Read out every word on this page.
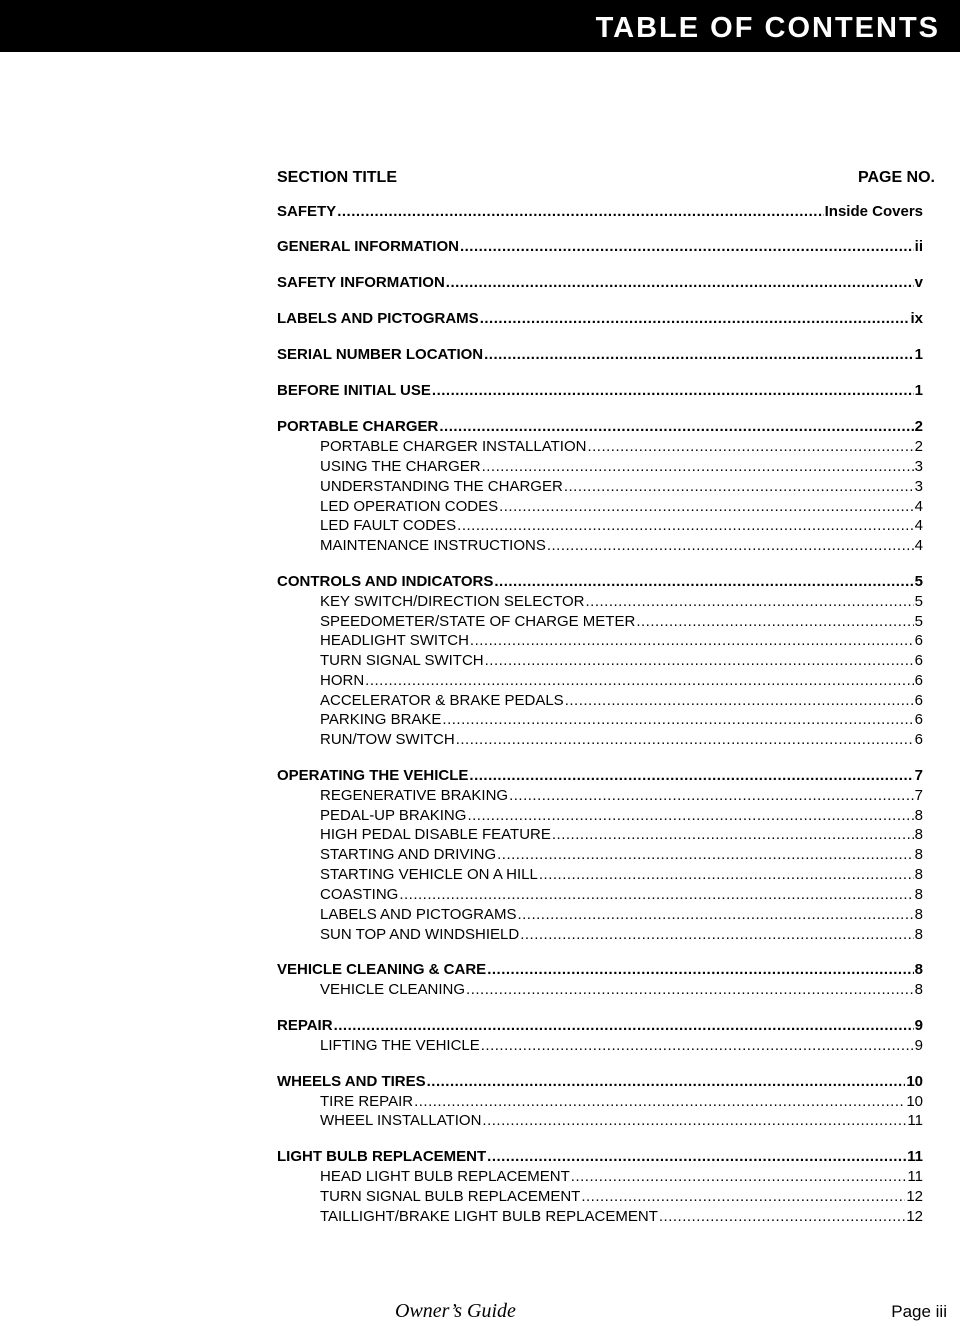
TABLE OF CONTENTS
SECTION TITLE	PAGE NO.
SAFETY .....	Inside Covers
GENERAL INFORMATION .....	ii
SAFETY INFORMATION .....	v
LABELS AND PICTOGRAMS .....	ix
SERIAL NUMBER LOCATION .....	1
BEFORE INITIAL USE .....	1
PORTABLE CHARGER .....	2
PORTABLE CHARGER INSTALLATION .....	2
USING THE CHARGER .....	3
UNDERSTANDING THE CHARGER .....	3
LED OPERATION CODES .....	4
LED FAULT CODES .....	4
MAINTENANCE INSTRUCTIONS .....	4
CONTROLS AND INDICATORS .....	5
KEY SWITCH/DIRECTION SELECTOR .....	5
SPEEDOMETER/STATE OF CHARGE METER .....	5
HEADLIGHT SWITCH .....	6
TURN SIGNAL SWITCH .....	6
HORN .....	6
ACCELERATOR & BRAKE PEDALS .....	6
PARKING BRAKE .....	6
RUN/TOW SWITCH .....	6
OPERATING THE VEHICLE .....	7
REGENERATIVE BRAKING .....	7
PEDAL-UP BRAKING .....	8
HIGH PEDAL DISABLE FEATURE .....	8
STARTING AND DRIVING .....	8
STARTING VEHICLE ON A HILL .....	8
COASTING .....	8
LABELS AND PICTOGRAMS .....	8
SUN TOP AND WINDSHIELD .....	8
VEHICLE CLEANING & CARE .....	8
VEHICLE CLEANING .....	8
REPAIR .....	9
LIFTING THE VEHICLE .....	9
WHEELS AND TIRES .....	10
TIRE REPAIR .....	10
WHEEL INSTALLATION .....	11
LIGHT BULB REPLACEMENT .....	11
HEAD LIGHT BULB REPLACEMENT .....	11
TURN SIGNAL BULB REPLACEMENT .....	12
TAILLIGHT/BRAKE LIGHT BULB REPLACEMENT .....	12
Owner’s Guide	Page iii
